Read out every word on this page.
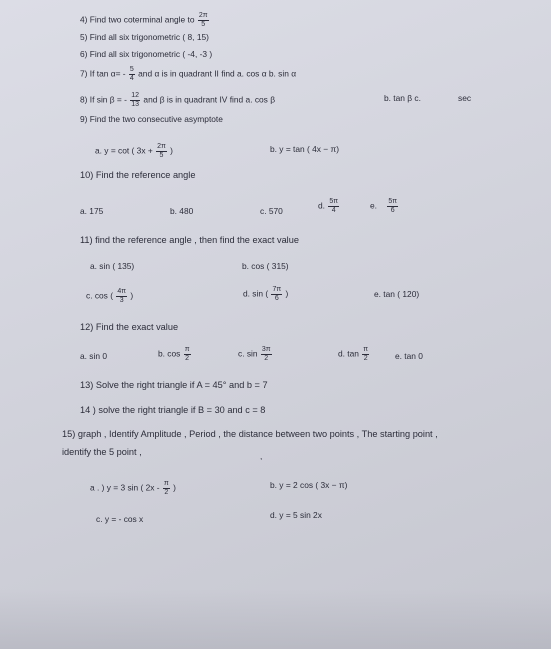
4) Find two coterminal angle to $\frac{2\pi}{5}$
5) Find all six trigonometric ( 8, 15)
6) Find all six trigonometric ( -4, -3 )
7) If $\tan \alpha= - \frac{5}{4}$ and α is in quadrant II find a. cos α b. sin α
8) If sin β = - $\frac{12}{13}$ and β is in quadrant IV find a. cos β	b. tan β c.	sec
9) Find the two consecutive asymptote
a. y = cot ( $3x + \frac{2\pi}{5}$ )	b. y = tan ( 4x − π)
10) Find the reference angle
a. 175	b. 480	c. 570
d. $\frac{5\pi}{4}$	e. $\frac{5\pi}{6}$
11) find the reference angle , then find the exact value
a. sin ( 135)	b. cos ( 315)
c. cos ( $\frac{4\pi}{3}$ )	d. sin ( $\frac{7\pi}{6}$ )	e. tan ( 120)
12) Find the exact value
a. sin 0	b. $\cos \frac{\pi}{2}$	c. $\sin \frac{3\pi}{2}$	d. $\tan \frac{\pi}{2}$	e. tan 0
13) Solve the right triangle if A = 45° and b = 7
14 ) solve the right triangle if B = 30 and c = 8
15) graph , Identify Amplitude , Period , the distance between two points , The starting point ,
identify the 5 point ,	,
a . ) y = 3 sin ( $2x - \frac{\pi}{2}$ )	b. y = 2 cos ( 3x − π)
c. y = - cos x	d. y = 5 sin 2x
